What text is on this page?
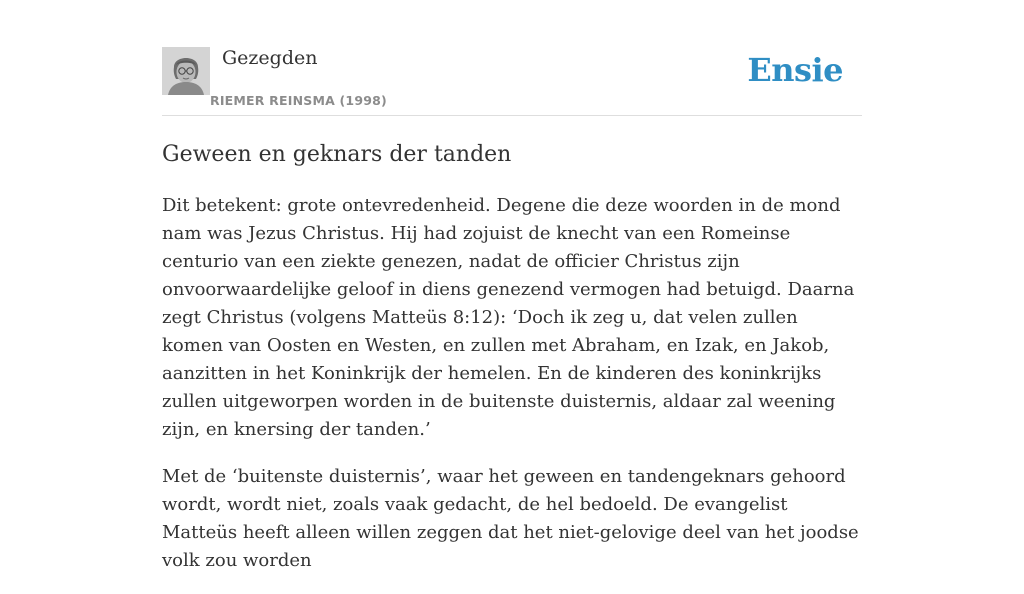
Gezegden
RIEMER REINSMA (1998)
Ensie
Geween en geknars der tanden

Dit betekent: grote ontevredenheid. Degene die deze woorden in de mond nam was Jezus Christus. Hij had zojuist de knecht van een Romeinse centurio van een ziekte genezen, nadat de officier Christus zijn onvoorwaardelijke geloof in diens genezend vermogen had betuigd. Daarna zegt Christus (volgens Matteüs 8:12): ‘Doch ik zeg u, dat velen zullen komen van Oosten en Westen, en zullen met Abraham, en Izak, en Jakob, aanzitten in het Koninkrijk der hemelen. En de kinderen des koninkrijks zullen uitgeworpen worden in de buitenste duisternis, aldaar zal weening zijn, en knersing der tanden.’

Met de ‘buitenste duisternis’, waar het geween en tandengeknars gehoord wordt, wordt niet, zoals vaak gedacht, de hel bedoeld. De evangelist Matteüs heeft alleen willen zeggen dat het niet-gelovige deel van het joodse volk zou worden
